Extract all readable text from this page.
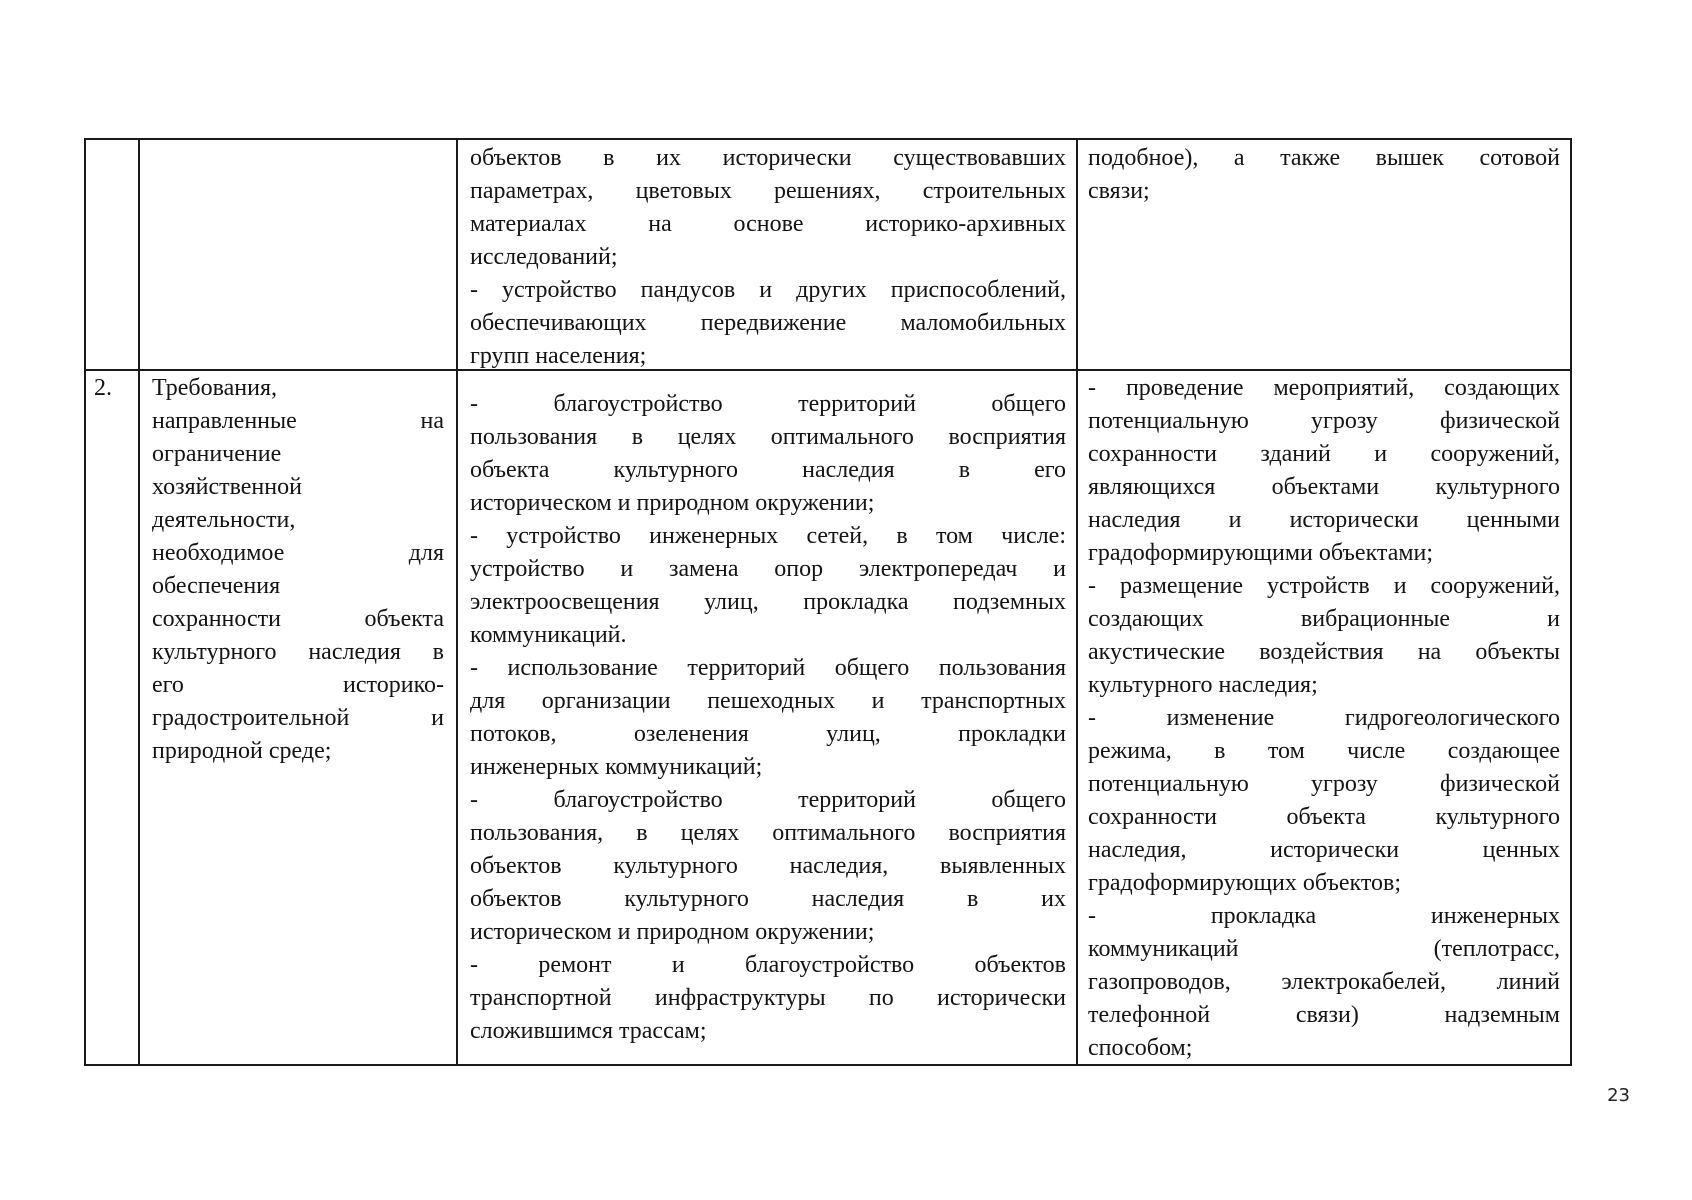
объектов в их исторически существовавших
параметрах, цветовых решениях, строительных
материалах на основе историко-архивных
исследований;
- устройство пандусов и других приспособлений,
обеспечивающих передвижение маломобильных
групп населения;
подобное), а также вышек сотовой
связи;
2.	Требования,
направленные на
ограничение
хозяйственной
деятельности,
необходимое для
обеспечения
сохранности объекта
культурного наследия в
его историко-
градостроительной и
природной среде;
- благоустройство территорий общего
пользования в целях оптимального восприятия
объекта культурного наследия в его
историческом и природном окружении;
- устройство инженерных сетей, в том числе:
устройство и замена опор электропередач и
электроосвещения улиц, прокладка подземных
коммуникаций.
- использование территорий общего пользования
для организации пешеходных и транспортных
потоков, озеленения улиц, прокладки
инженерных коммуникаций;
- благоустройство территорий общего
пользования, в целях оптимального восприятия
объектов культурного наследия, выявленных
объектов культурного наследия в их
историческом и природном окружении;
- ремонт и благоустройство объектов
транспортной инфраструктуры по исторически
сложившимся трассам;
- проведение мероприятий, создающих
потенциальную угрозу физической
сохранности зданий и сооружений,
являющихся объектами культурного
наследия и исторически ценными
градоформирующими объектами;
- размещение устройств и сооружений,
создающих вибрационные и
акустические воздействия на объекты
культурного наследия;
- изменение гидрогеологического
режима, в том числе создающее
потенциальную угрозу физической
сохранности объекта культурного
наследия, исторически ценных
градоформирующих объектов;
- прокладка инженерных
коммуникаций (теплотрасс,
газопроводов, электрокабелей, линий
телефонной связи) надземным
способом;
23
